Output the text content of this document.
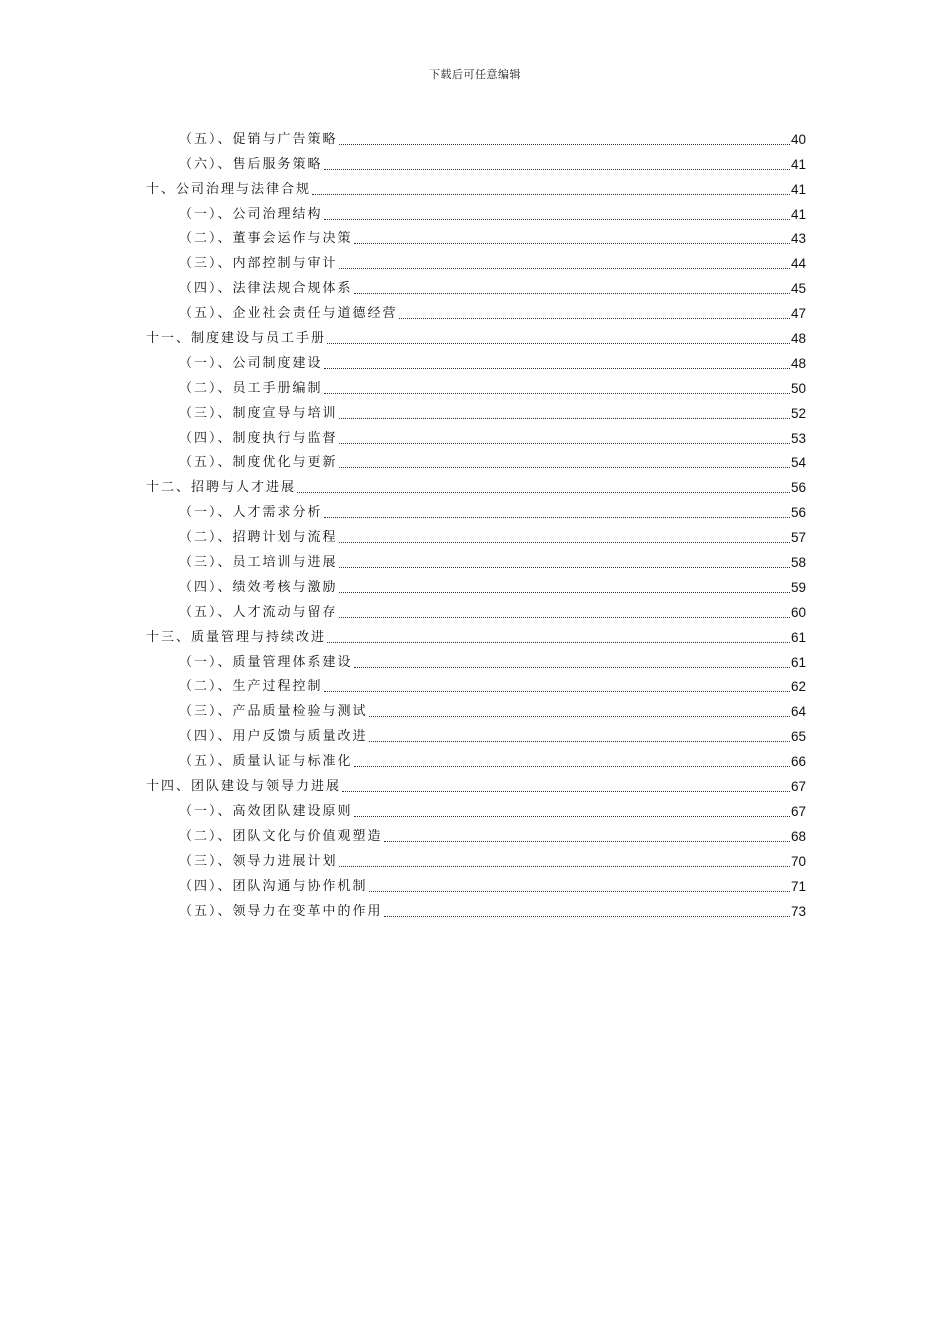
下载后可任意编辑
（五）、促销与广告策略	40
（六）、售后服务策略	41
十、公司治理与法律合规	41
（一）、公司治理结构	41
（二）、董事会运作与决策	43
（三）、内部控制与审计	44
（四）、法律法规合规体系	45
（五）、企业社会责任与道德经营	47
十一、制度建设与员工手册	48
（一）、公司制度建设	48
（二）、员工手册编制	50
（三）、制度宣导与培训	52
（四）、制度执行与监督	53
（五）、制度优化与更新	54
十二、招聘与人才进展	56
（一）、人才需求分析	56
（二）、招聘计划与流程	57
（三）、员工培训与进展	58
（四）、绩效考核与激励	59
（五）、人才流动与留存	60
十三、质量管理与持续改进	61
（一）、质量管理体系建设	61
（二）、生产过程控制	62
（三）、产品质量检验与测试	64
（四）、用户反馈与质量改进	65
（五）、质量认证与标准化	66
十四、团队建设与领导力进展	67
（一）、高效团队建设原则	67
（二）、团队文化与价值观塑造	68
（三）、领导力进展计划	70
（四）、团队沟通与协作机制	71
（五）、领导力在变革中的作用	73
